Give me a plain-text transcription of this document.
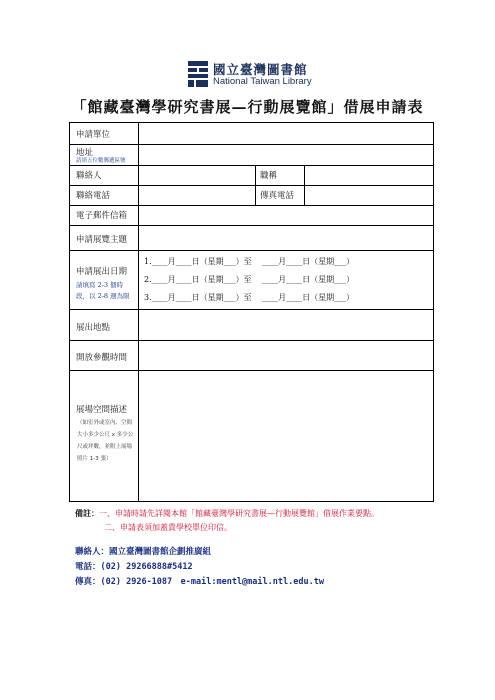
國立臺灣圖書館
National Taiwan Library
「館藏臺灣學研究書展—行動展覽館」借展申請表
申請單位
地址
請填五位數郵遞區號
聯絡人	職稱
聯絡電話	傳真電話
電子郵件信箱
申請展覽主題
申請展出日期
請填寫 2-3 個時段，以 2-8 週為限
1.____月____日（星期___）至　 ____月____日（星期___）
2.____月____日（星期___）至　 ____月____日（星期___）
3.____月____日（星期___）至　 ____月____日（星期___）
展出地點
開放參觀時間
展場空間描述
（如室外或室內、空間大小多少公尺 x 多少公尺或坪數，並附上展場照片 1-3 張）
備註：一、申請時請先詳閱本館「館藏臺灣學研究書展—行動展覽館」借展作業要點。
二、申請表須加蓋貴學校單位印信。
聯絡人：國立臺灣圖書館企劃推廣組
電話：(02) 29266888#5412
傳真：(02) 2926-1087　e-mail:mentl@mail.ntl.edu.tw
